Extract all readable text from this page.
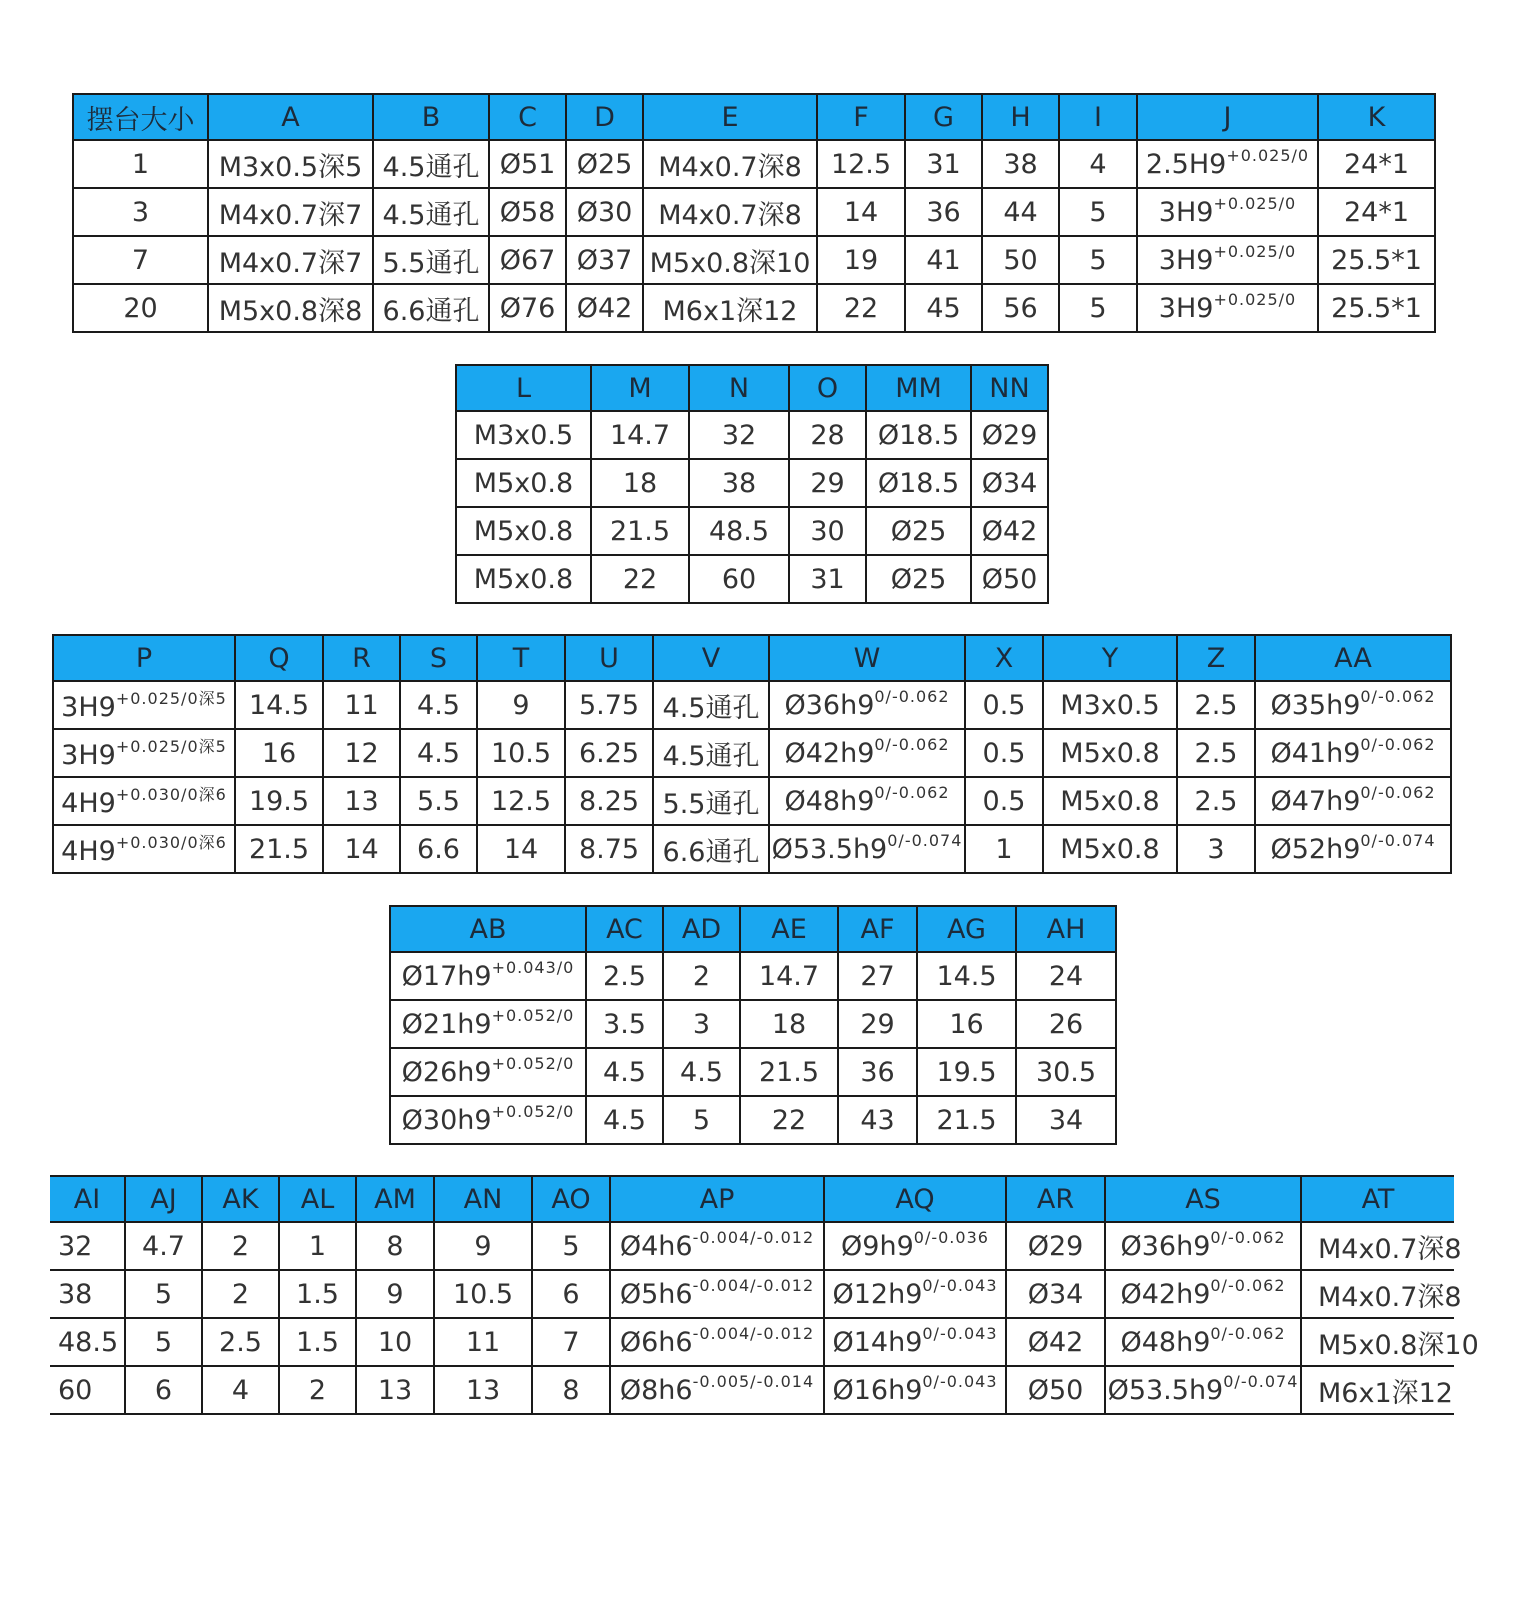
摆台大小	A	B	C	D	E	F	G	H	I	J	K
1	M3x0.5深5	4.5通孔	Ø51	Ø25	M4x0.7深8	12.5	31	38	4	$2.5H9^{+0.025/0}$	24*1
3	M4x0.7深7	4.5通孔	Ø58	Ø30	M4x0.7深8	14	36	44	5	$3H9^{+0.025/0}$	24*1
7	M4x0.7深7	5.5通孔	Ø67	Ø37	M5x0.8深10	19	41	50	5	$3H9^{+0.025/0}$	25.5*1
20	M5x0.8深8	6.6通孔	Ø76	Ø42	M6x1深12	22	45	56	5	$3H9^{+0.025/0}$	25.5*1
L	M	N	O	MM	NN
M3x0.5	14.7	32	28	Ø18.5	Ø29
M5x0.8	18	38	29	Ø18.5	Ø34
M5x0.8	21.5	48.5	30	Ø25	Ø42
M5x0.8	22	60	31	Ø25	Ø50
P	Q	R	S	T	U	V	W	X	Y	Z	AA
$3H9^{+0.025/0深5}$	14.5	11	4.5	9	5.75	4.5通孔	$Ø36h9^{0/-0.062}$	0.5	M3x0.5	2.5	$Ø35h9^{0/-0.062}$
$3H9^{+0.025/0深5}$	16	12	4.5	10.5	6.25	4.5通孔	$Ø42h9^{0/-0.062}$	0.5	M5x0.8	2.5	$Ø41h9^{0/-0.062}$
$4H9^{+0.030/0深6}$	19.5	13	5.5	12.5	8.25	5.5通孔	$Ø48h9^{0/-0.062}$	0.5	M5x0.8	2.5	$Ø47h9^{0/-0.062}$
$4H9^{+0.030/0深6}$	21.5	14	6.6	14	8.75	6.6通孔	$Ø53.5h9^{0/-0.074}$	1	M5x0.8	3	$Ø52h9^{0/-0.074}$
AB	AC	AD	AE	AF	AG	AH
$Ø17h9^{+0.043/0}$	2.5	2	14.7	27	14.5	24
$Ø21h9^{+0.052/0}$	3.5	3	18	29	16	26
$Ø26h9^{+0.052/0}$	4.5	4.5	21.5	36	19.5	30.5
$Ø30h9^{+0.052/0}$	4.5	5	22	43	21.5	34
AI	AJ	AK	AL	AM	AN	AO	AP	AQ	AR	AS	AT
32	4.7	2	1	8	9	5	$Ø4h6^{-0.004/-0.012}$	$Ø9h9^{0/-0.036}$	Ø29	$Ø36h9^{0/-0.062}$	M4x0.7深8
38	5	2	1.5	9	10.5	6	$Ø5h6^{-0.004/-0.012}$	$Ø12h9^{0/-0.043}$	Ø34	$Ø42h9^{0/-0.062}$	M4x0.7深8
48.5	5	2.5	1.5	10	11	7	$Ø6h6^{-0.004/-0.012}$	$Ø14h9^{0/-0.043}$	Ø42	$Ø48h9^{0/-0.062}$	M5x0.8深10
60	6	4	2	13	13	8	$Ø8h6^{-0.005/-0.014}$	$Ø16h9^{0/-0.043}$	Ø50	$Ø53.5h9^{0/-0.074}$	M6x1深12
